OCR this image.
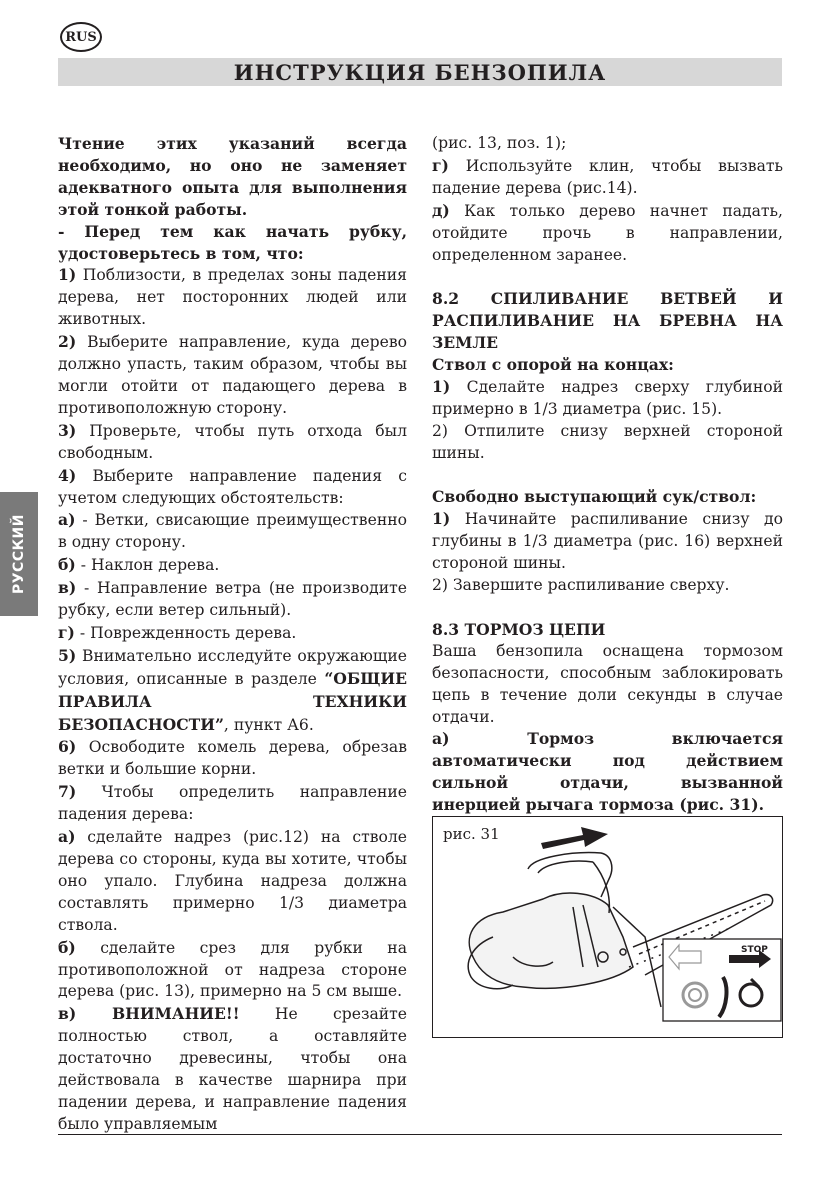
RUS
ИНСТРУКЦИЯ БЕНЗОПИЛА
РУССКИЙ

Чтение этих указаний всегда необходимо, но оно не заменяет адекватного опыта для выполнения этой тонкой работы.

- Перед тем как начать рубку, удостоверьтесь в том, что:

1) Поблизости, в пределах зоны падения дерева, нет посторонних людей или животных.

2) Выберите направление, куда дерево должно упасть, таким образом, чтобы вы могли отойти от падающего дерева в противоположную сторону.

3) Проверьте, чтобы путь отхода был свободным.

4) Выберите направление падения с учетом следующих обстоятельств:

а) - Ветки, свисающие преимущественно в одну сторону.

б) - Наклон дерева.

в) - Направление ветра (не производите рубку, если ветер сильный).

г) - Поврежденность дерева.

5) Внимательно исследуйте окружающие условия, описанные в разделе “ОБЩИЕ ПРАВИЛА ТЕХНИКИ БЕЗОПАСНОСТИ”, пункт А6.

6) Освободите комель дерева, обрезав ветки и большие корни.

7) Чтобы определить направление падения дерева:

а) сделайте надрез (рис.12) на стволе дерева со стороны, куда вы хотите, чтобы оно упало. Глубина надреза должна составлять примерно 1/3 диаметра ствола.

б) сделайте срез для рубки на противоположной от надреза стороне дерева (рис. 13), примерно на 5 см выше.

в) ВНИМАНИЕ!! Не срезайте полностью ствол, а оставляйте достаточно древесины, чтобы она действовала в качестве шарнира при падении дерева, и направление падения было управляемым

(рис. 13, поз. 1);

г) Используйте клин, чтобы вызвать падение дерева (рис.14).

д) Как только дерево начнет падать, отойдите прочь в направлении, определенном заранее.

8.2 СПИЛИВАНИЕ ВЕТВЕЙ И РАСПИЛИВАНИЕ НА БРЕВНА НА ЗЕМЛЕ

Ствол с опорой на концах:

1) Сделайте надрез сверху глубиной примерно в 1/3 диаметра (рис. 15).

2) Отпилите снизу верхней стороной шины.

Свободно выступающий сук/ствол:

1) Начинайте распиливание снизу до глубины в 1/3 диаметра (рис. 16) верхней стороной шины.

2) Завершите распиливание сверху.

8.3 ТОРМОЗ ЦЕПИ

Ваша бензопила оснащена тормозом безопасности, способным заблокировать цепь в течение доли секунды в случае отдачи.

а) Тормоз включается автоматически под действием сильной отдачи, вызванной инерцией рычага тормоза (рис. 31).

рис. 31
STOP
